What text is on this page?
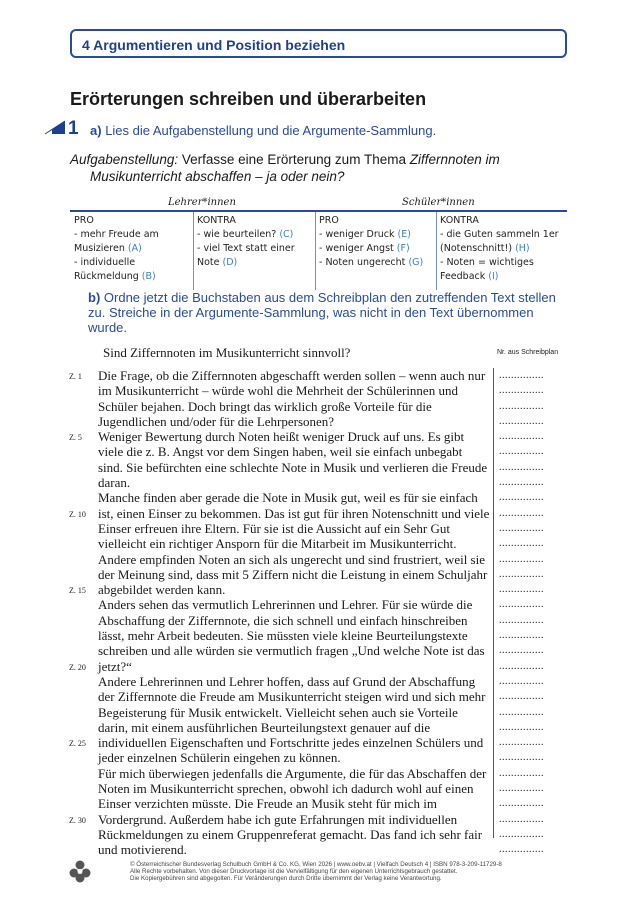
4 Argumentieren und Position beziehen
Erörterungen schreiben und überarbeiten
1 a) Lies die Aufgabenstellung und die Argumente-Sammlung.
Aufgabenstellung: Verfasse eine Erörterung zum Thema Ziffernnoten im
Musikunterricht abschaffen – ja oder nein?
Lehrer*innen	Schüler*innen
PRO
- mehr Freude am
Musizieren (A)
- individuelle
Rückmeldung (B)
KONTRA
- wie beurteilen? (C)
- viel Text statt einer
Note (D)
PRO
- weniger Druck (E)
- weniger Angst (F)
- Noten ungerecht (G)
KONTRA
- die Guten sammeln 1er
(Notenschnitt!) (H)
- Noten = wichtiges
Feedback (I)
b) Ordne jetzt die Buchstaben aus dem Schreibplan den zutreffenden Text stellen zu. Streiche in der Argumente-Sammlung, was nicht in den Text übernommen wurde.
Sind Ziffernnoten im Musikunterricht sinnvoll?	Nr. aus Schreibplan
Die Frage, ob die Ziffernnoten abgeschafft werden sollen – wenn auch nur
im Musikunterricht – würde wohl die Mehrheit der Schülerinnen und
Schüler bejahen. Doch bringt das wirklich große Vorteile für die
Jugendlichen und/oder für die Lehrpersonen?
Weniger Bewertung durch Noten heißt weniger Druck auf uns. Es gibt
viele die z. B. Angst vor dem Singen haben, weil sie einfach unbegabt
sind. Sie befürchten eine schlechte Note in Musik und verlieren die Freude
daran.
Manche finden aber gerade die Note in Musik gut, weil es für sie einfach
ist, einen Einser zu bekommen. Das ist gut für ihren Notenschnitt und viele
Einser erfreuen ihre Eltern. Für sie ist die Aussicht auf ein Sehr Gut
vielleicht ein richtiger Ansporn für die Mitarbeit im Musikunterricht.
Andere empfinden Noten an sich als ungerecht und sind frustriert, weil sie
der Meinung sind, dass mit 5 Ziffern nicht die Leistung in einem Schuljahr
abgebildet werden kann.
Anders sehen das vermutlich Lehrerinnen und Lehrer. Für sie würde die
Abschaffung der Ziffernnote, die sich schnell und einfach hinschreiben
lässt, mehr Arbeit bedeuten. Sie müssten viele kleine Beurteilungstexte
schreiben und alle würden sie vermutlich fragen „Und welche Note ist das
jetzt?“
Andere Lehrerinnen und Lehrer hoffen, dass auf Grund der Abschaffung
der Ziffernnote die Freude am Musikunterricht steigen wird und sich mehr
Begeisterung für Musik entwickelt. Vielleicht sehen auch sie Vorteile
darin, mit einem ausführlichen Beurteilungstext genauer auf die
individuellen Eigenschaften und Fortschritte jedes einzelnen Schülers und
jeder einzelnen Schülerin eingehen zu können.
Für mich überwiegen jedenfalls die Argumente, die für das Abschaffen der
Noten im Musikunterricht sprechen, obwohl ich dadurch wohl auf einen
Einser verzichten müsste. Die Freude an Musik steht für mich im
Vordergrund. Außerdem habe ich gute Erfahrungen mit individuellen
Rückmeldungen zu einem Gruppenreferat gemacht. Das fand ich sehr fair
und motivierend.
Z. 1
Z. 5
Z. 10
Z. 15
Z. 20
Z. 25
Z. 30
...............
...............
...............
...............
...............
...............
...............
...............
...............
...............
...............
...............
...............
...............
...............
...............
...............
...............
...............
...............
...............
...............
...............
...............
...............
...............
...............
...............
...............
...............
...............
...............
© Österreichischer Bundesverlag Schulbuch GmbH & Co. KG, Wien 2026 | www.oebv.at | Vielfach Deutsch 4 | ISBN 978-3-209-11729-8
Alle Rechte vorbehalten. Von dieser Druckvorlage ist die Vervielfältigung für den eigenen Unterrichtsgebrauch gestattet.
Die Kopiergebühren sind abgegolten. Für Veränderungen durch Dritte übernimmt der Verlag keine Verantwortung.
